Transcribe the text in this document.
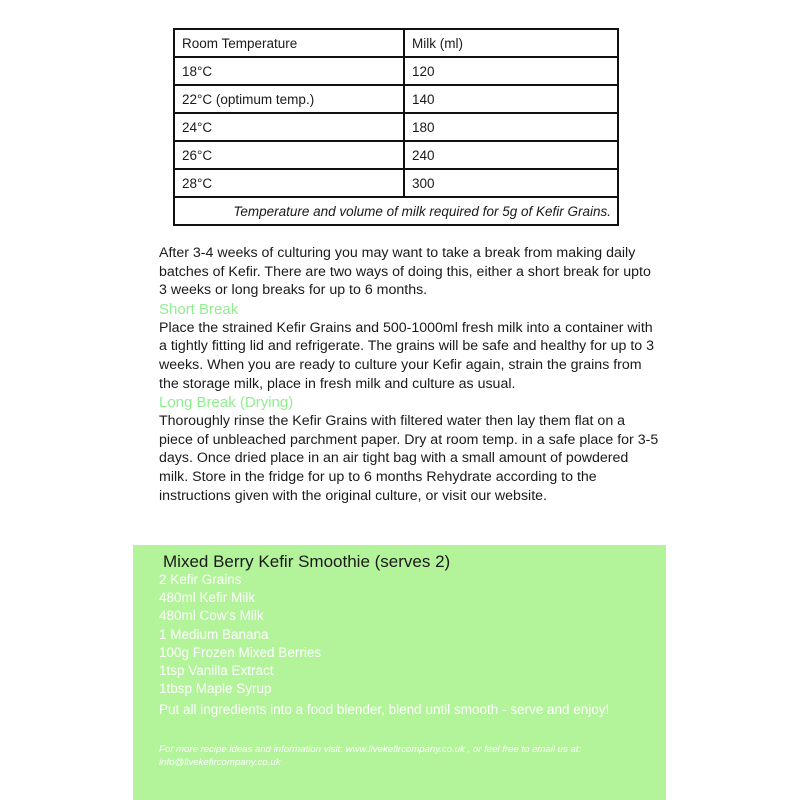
Room Temperature	Milk (ml)
18°C	120
22°C (optimum temp.)	140
24°C	180
26°C	240
28°C	300
Temperature and volume of milk required for 5g of Kefir Grains.	

After 3-4 weeks of culturing you may want to take a break from making daily batches of Kefir. There are two ways of doing this, either a short break for upto 3 weeks or long breaks for up to 6 months.

Short Break

Place the strained Kefir Grains and 500-1000ml fresh milk into a container with a tightly fitting lid and refrigerate. The grains will be safe and healthy for up to 3 weeks. When you are ready to culture your Kefir again, strain the grains from the storage milk, place in fresh milk and culture as usual.

Long Break (Drying)

Thoroughly rinse the Kefir Grains with filtered water then lay them flat on a piece of unbleached parchment paper. Dry at room temp. in a safe place for 3-5 days. Once dried place in an air tight bag with a small amount of powdered milk. Store in the fridge for up to 6 months Rehydrate according to the instructions given with the original culture, or visit our website.

Mixed Berry Kefir Smoothie (serves 2)
2 Kefir Grains
480ml Kefir Milk
480ml Cow's Milk
1 Medium Banana
100g Frozen Mixed Berries
1tsp Vanilla Extract
1tbsp Maple Syrup

Put all ingredients into a food blender, blend until smooth - serve and enjoy!

For more recipe ideas and information visit: www.livekefircompany.co.uk , or feel free to email us at: info@livekefircompany.co.uk
